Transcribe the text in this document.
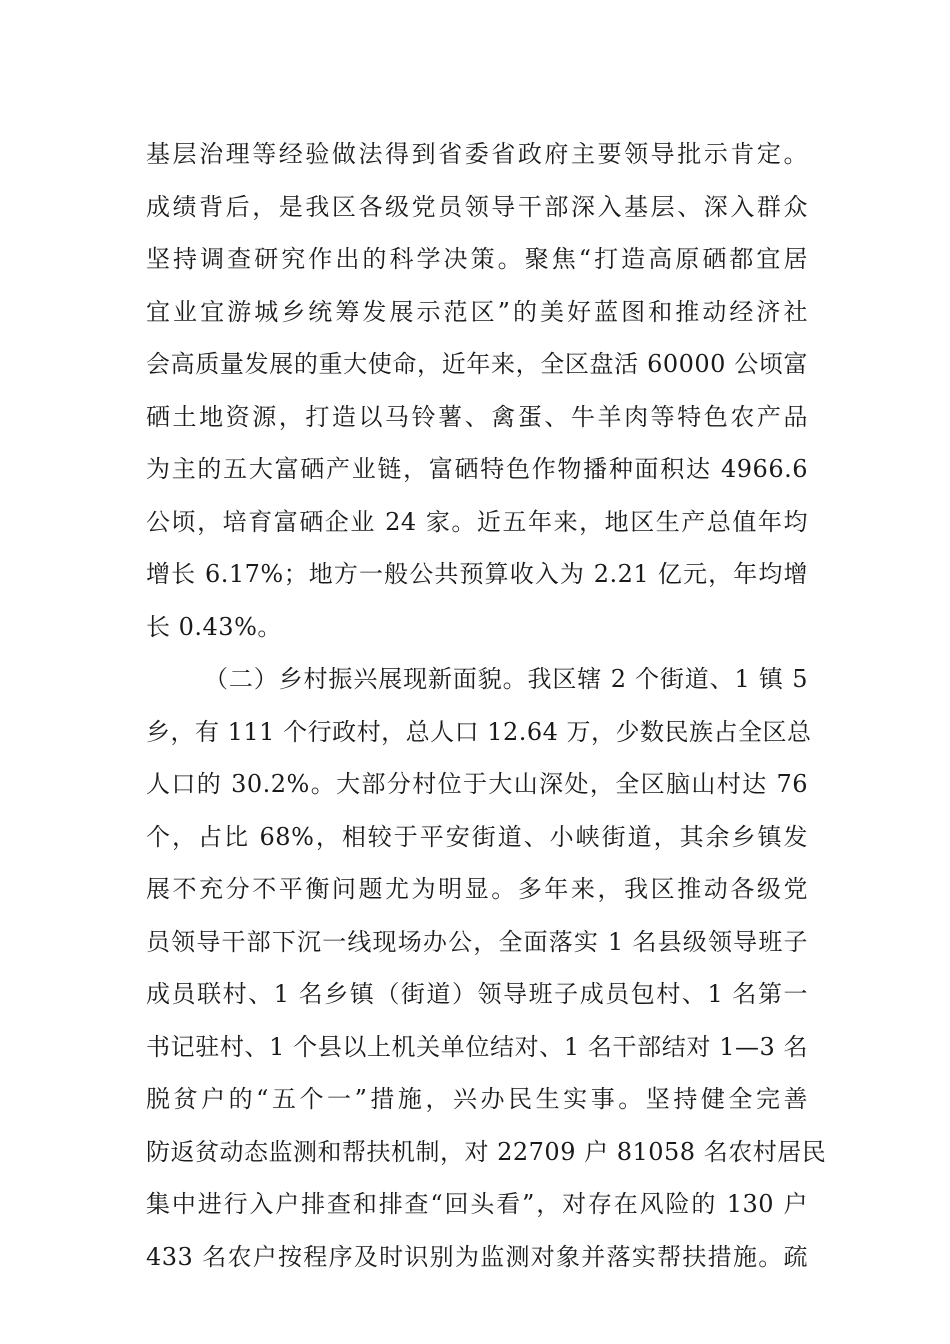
基层治理等经验做法得到省委省政府主要领导批示肯定。
成绩背后，是我区各级党员领导干部深入基层、深入群众
坚持调查研究作出的科学决策。聚焦“打造高原硒都宜居
宜业宜游城乡统筹发展示范区”的美好蓝图和推动经济社
会高质量发展的重大使命，近年来，全区盘活 60000 公顷富
硒土地资源，打造以马铃薯、禽蛋、牛羊肉等特色农产品
为主的五大富硒产业链，富硒特色作物播种面积达 4966.6
公顷，培育富硒企业 24 家。近五年来，地区生产总值年均
增长 6.17%；地方一般公共预算收入为 2.21 亿元，年均增
长 0.43%。
（二）乡村振兴展现新面貌。我区辖 2 个街道、1 镇 5
乡，有 111 个行政村，总人口 12.64 万，少数民族占全区总
人口的 30.2%。大部分村位于大山深处，全区脑山村达 76
个，占比 68%，相较于平安街道、小峡街道，其余乡镇发
展不充分不平衡问题尤为明显。多年来，我区推动各级党
员领导干部下沉一线现场办公，全面落实 1 名县级领导班子
成员联村、1 名乡镇（街道）领导班子成员包村、1 名第一
书记驻村、1 个县以上机关单位结对、1 名干部结对 1—3 名
脱贫户的“五个一”措施，兴办民生实事。坚持健全完善
防返贫动态监测和帮扶机制，对 22709 户 81058 名农村居民
集中进行入户排查和排查“回头看”，对存在风险的 130 户
433 名农户按程序及时识别为监测对象并落实帮扶措施。疏
